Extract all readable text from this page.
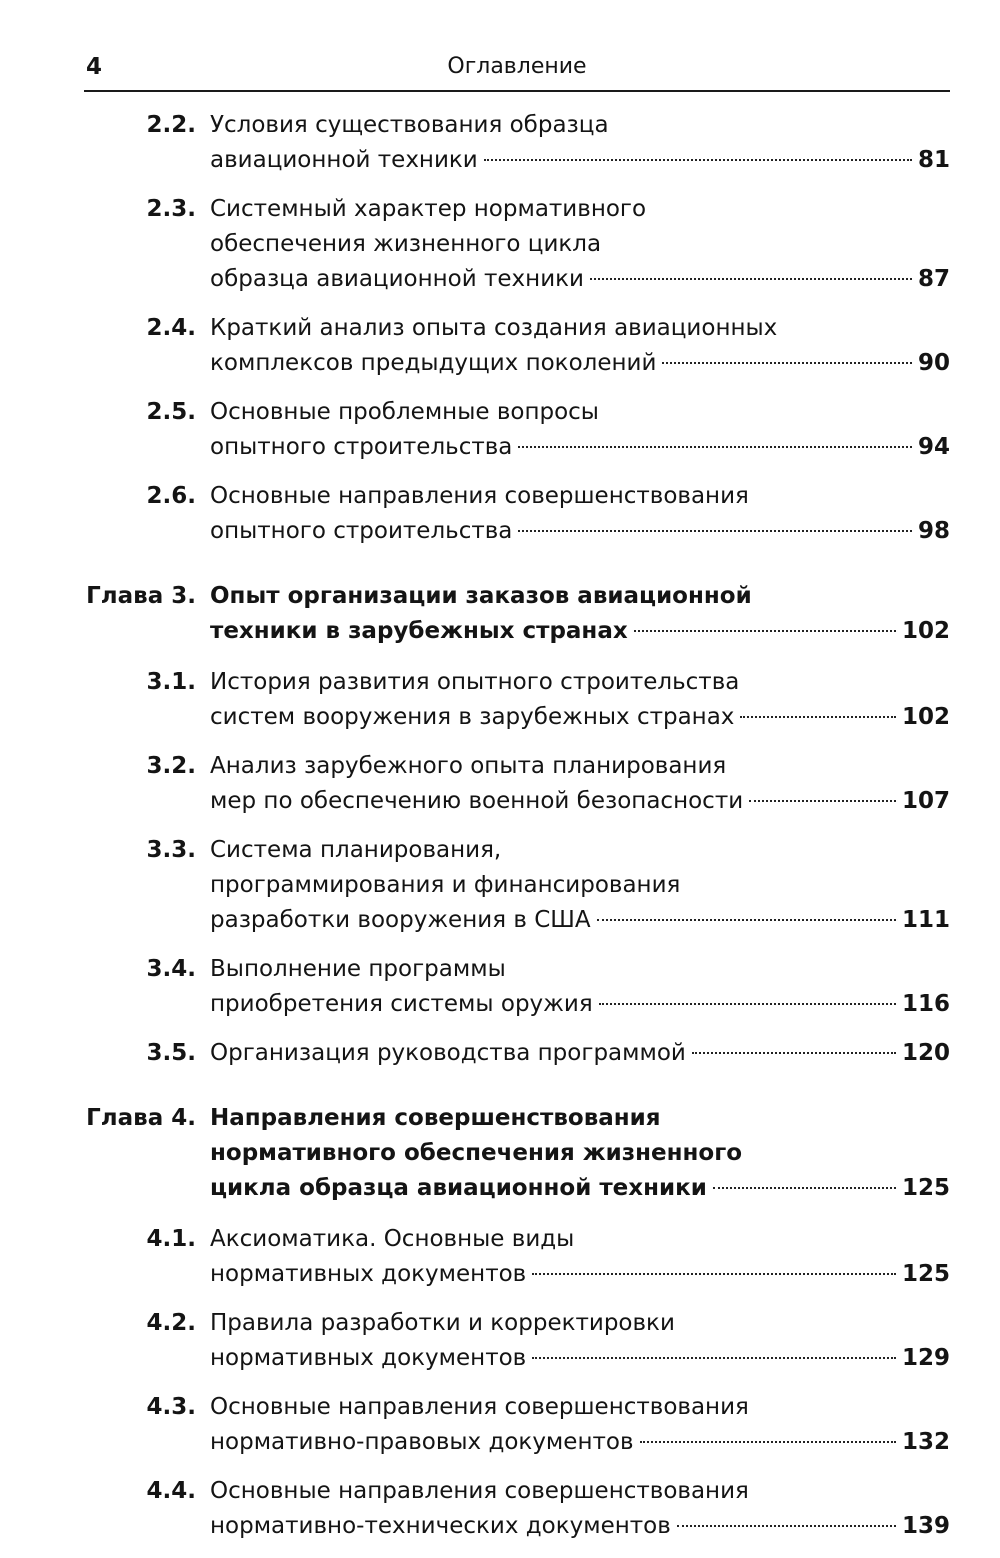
4	Оглавление
2.2. Условия существования образца
авиационной техники	81
2.3. Системный характер нормативного
обеспечения жизненного цикла
образца авиационной техники	87
2.4. Краткий анализ опыта создания авиационных
комплексов предыдущих поколений	90
2.5. Основные проблемные вопросы
опытного строительства	94
2.6. Основные направления совершенствования
опытного строительства	98
Глава 3. Опыт организации заказов авиационной
техники в зарубежных странах	102
3.1. История развития опытного строительства
систем вооружения в зарубежных странах	102
3.2. Анализ зарубежного опыта планирования
мер по обеспечению военной безопасности	107
3.3. Система планирования,
программирования и финансирования
разработки вооружения в США	111
3.4. Выполнение программы
приобретения системы оружия	116
3.5. Организация руководства программой	120
Глава 4. Направления совершенствования
нормативного обеспечения жизненного
цикла образца авиационной техники	125
4.1. Аксиоматика. Основные виды
нормативных документов	125
4.2. Правила разработки и корректировки
нормативных документов	129
4.3. Основные направления совершенствования
нормативно-правовых документов	132
4.4. Основные направления совершенствования
нормативно-технических документов	139
